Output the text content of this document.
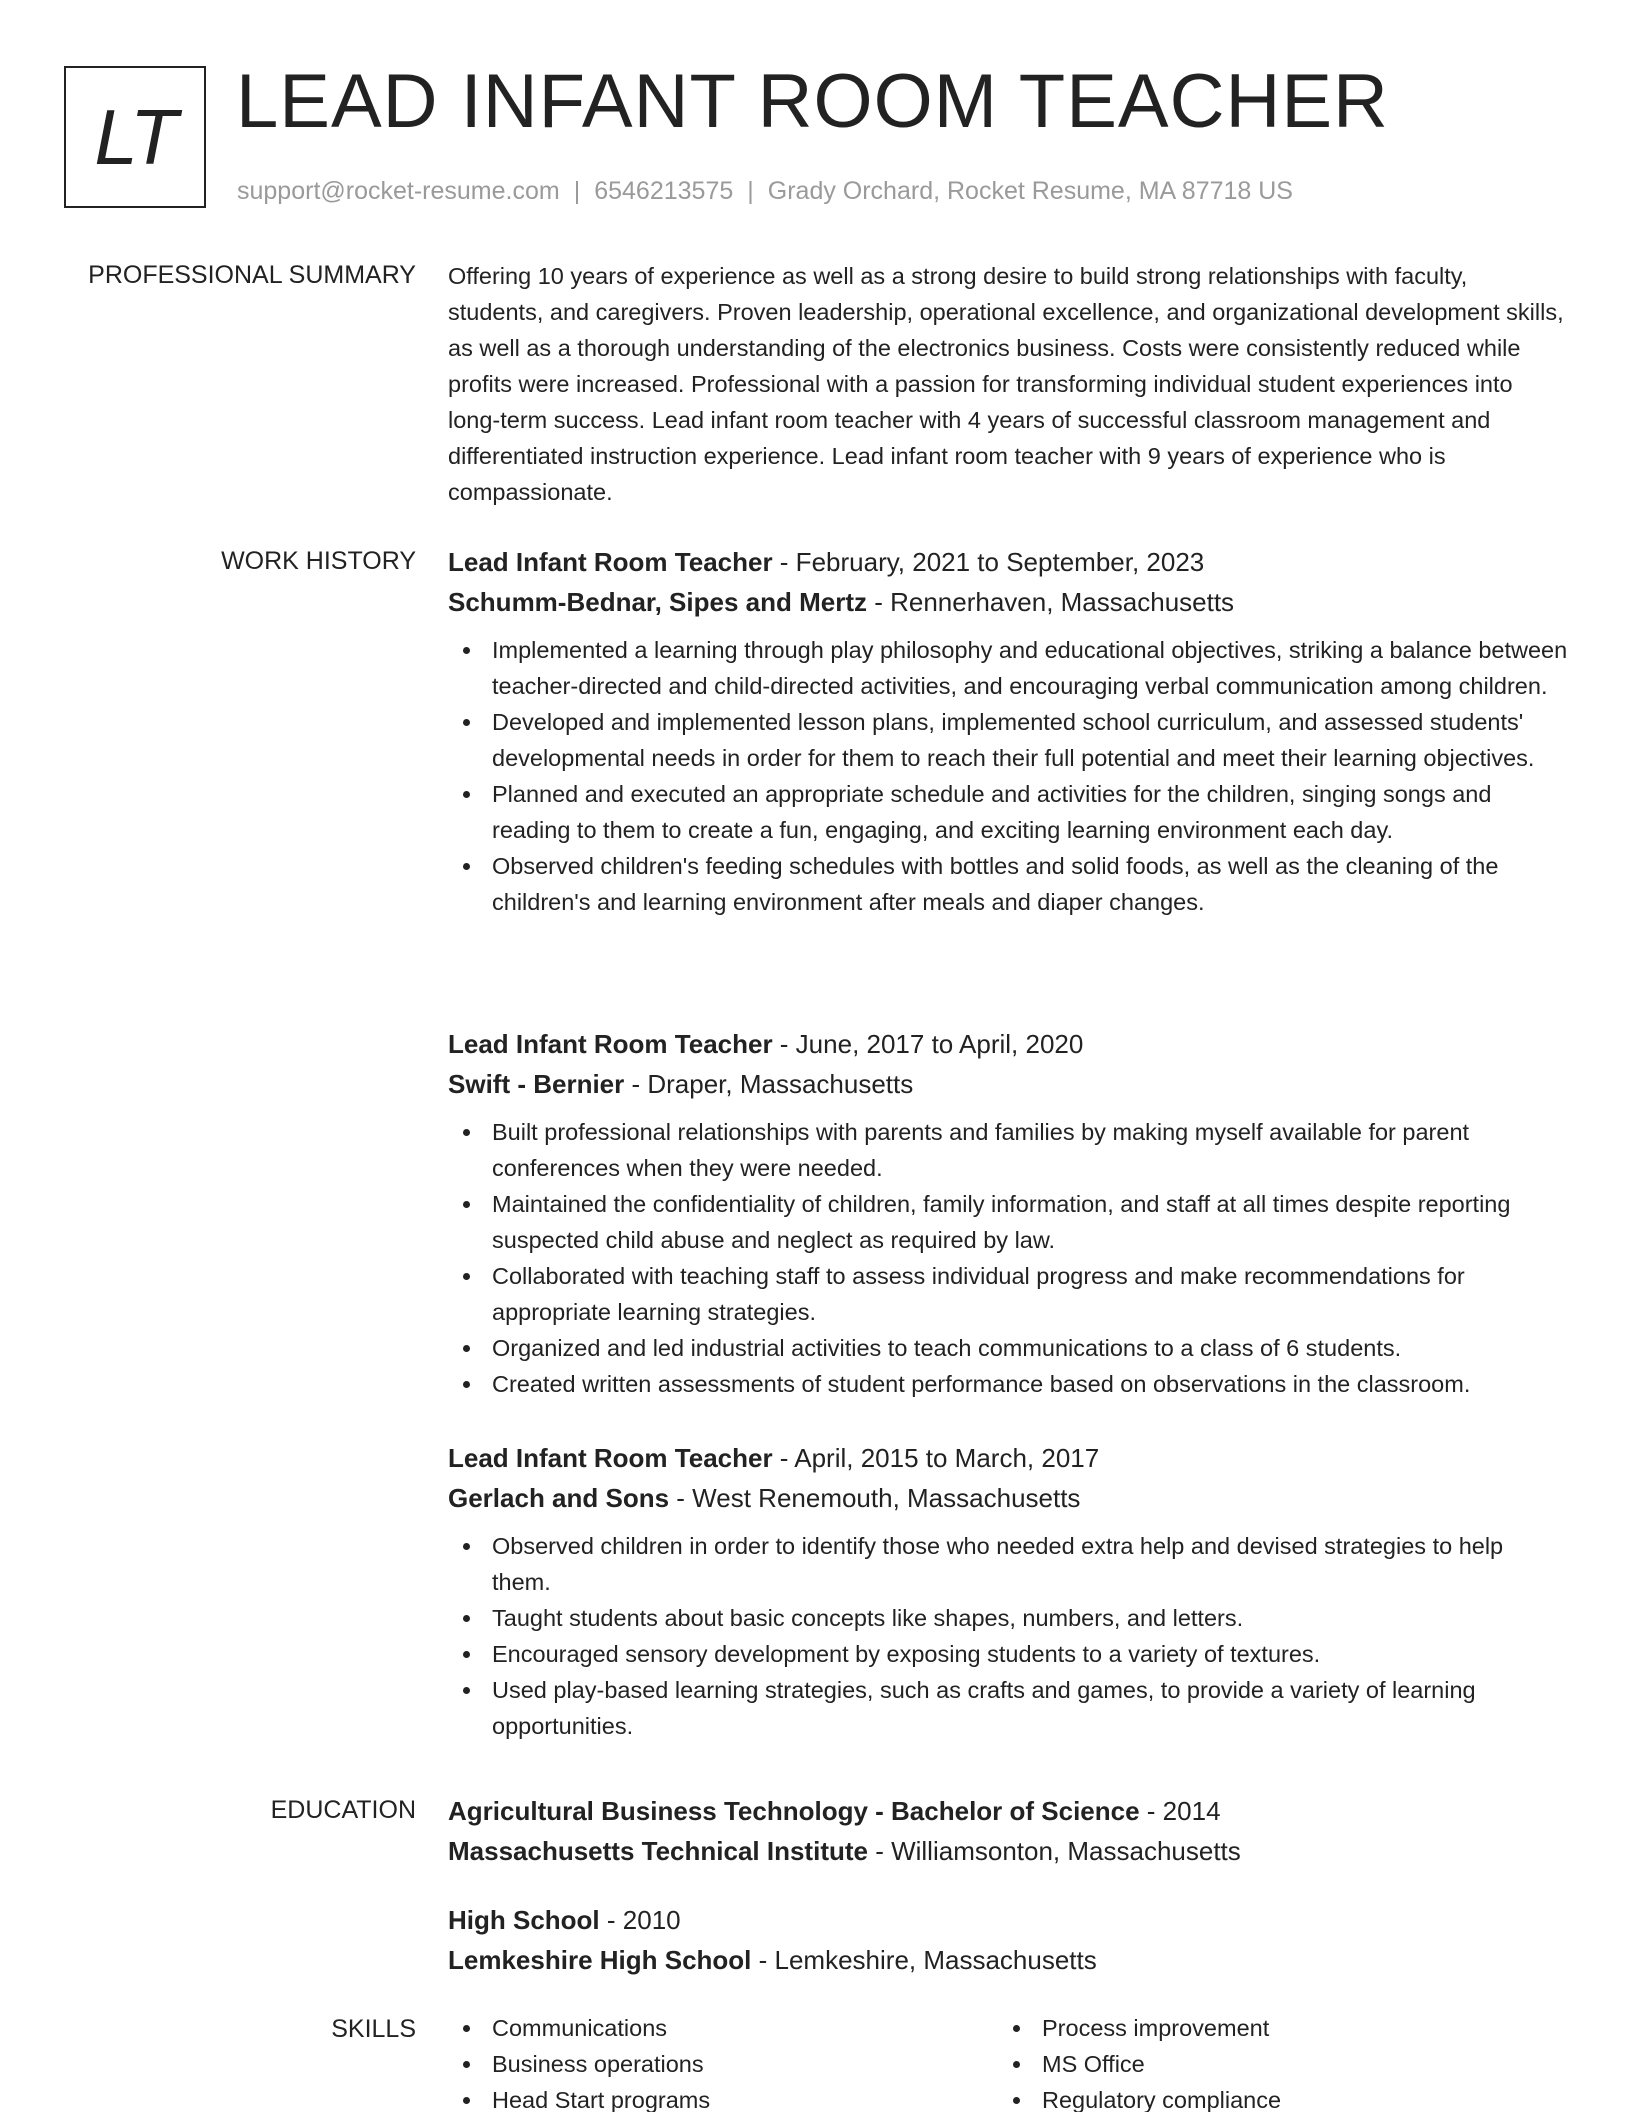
LT LEAD INFANT ROOM TEACHER
support@rocket-resume.com | 6546213575 | Grady Orchard, Rocket Resume, MA 87718 US
PROFESSIONAL SUMMARY Offering 10 years of experience as well as a strong desire to build strong relationships with faculty, students, and caregivers. Proven leadership, operational excellence, and organizational development skills, as well as a thorough understanding of the electronics business. Costs were consistently reduced while profits were increased. Professional with a passion for transforming individual student experiences into long-term success. Lead infant room teacher with 4 years of successful classroom management and differentiated instruction experience. Lead infant room teacher with 9 years of experience who is compassionate.
WORK HISTORY Lead Infant Room Teacher - February, 2021 to September, 2023
Schumm-Bednar, Sipes and Mertz - Rennerhaven, Massachusetts
Implemented a learning through play philosophy and educational objectives, striking a balance between teacher-directed and child-directed activities, and encouraging verbal communication among children.
Developed and implemented lesson plans, implemented school curriculum, and assessed students' developmental needs in order for them to reach their full potential and meet their learning objectives.
Planned and executed an appropriate schedule and activities for the children, singing songs and reading to them to create a fun, engaging, and exciting learning environment each day.
Observed children's feeding schedules with bottles and solid foods, as well as the cleaning of the children's and learning environment after meals and diaper changes.
Lead Infant Room Teacher - June, 2017 to April, 2020
Swift - Bernier - Draper, Massachusetts
Built professional relationships with parents and families by making myself available for parent conferences when they were needed.
Maintained the confidentiality of children, family information, and staff at all times despite reporting suspected child abuse and neglect as required by law.
Collaborated with teaching staff to assess individual progress and make recommendations for appropriate learning strategies.
Organized and led industrial activities to teach communications to a class of 6 students.
Created written assessments of student performance based on observations in the classroom.
Lead Infant Room Teacher - April, 2015 to March, 2017
Gerlach and Sons - West Renemouth, Massachusetts
Observed children in order to identify those who needed extra help and devised strategies to help them.
Taught students about basic concepts like shapes, numbers, and letters.
Encouraged sensory development by exposing students to a variety of textures.
Used play-based learning strategies, such as crafts and games, to provide a variety of learning opportunities.
EDUCATION Agricultural Business Technology - Bachelor of Science - 2014
Massachusetts Technical Institute - Williamsonton, Massachusetts
High School - 2010
Lemkeshire High School - Lemkeshire, Massachusetts
SKILLS	Communications
Business operations
Head Start programs
Process improvement
MS Office
Regulatory compliance
